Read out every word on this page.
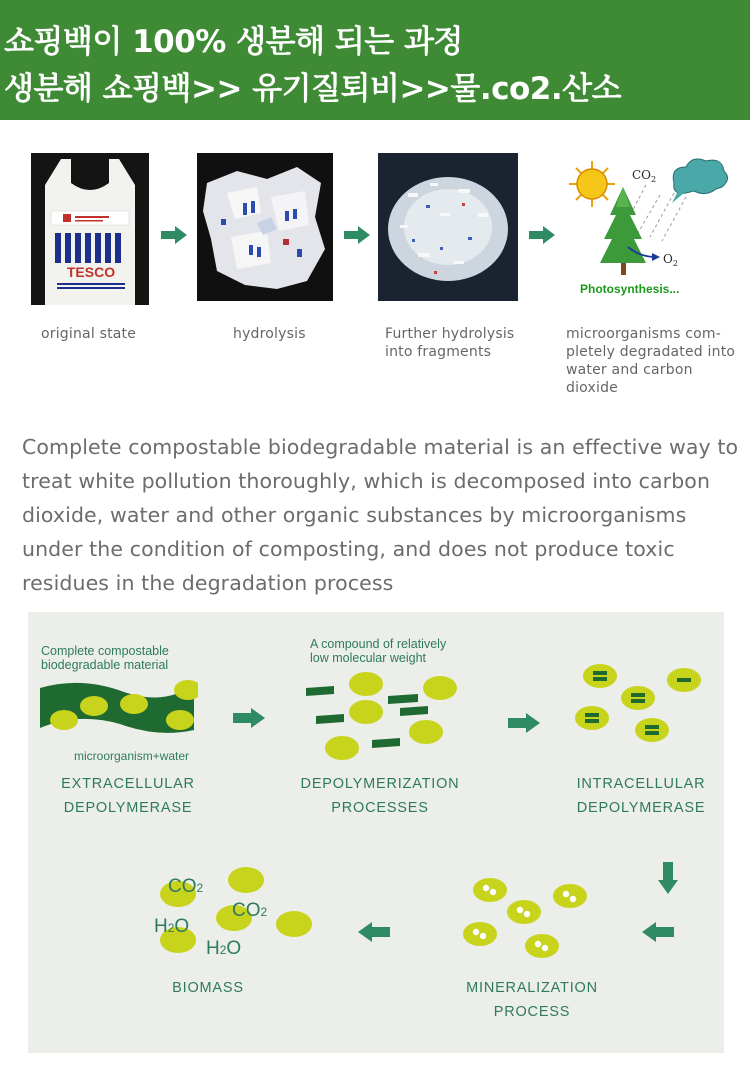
쇼핑백이 100% 생분해 되는 과정
생분해 쇼핑백>> 유기질퇴비>>물.co2.산소
TESCO
$CO_2$
$O_2$
Photosynthesis...
original state	hydrolysis	Further hydrolysis
into fragments
microorganisms com-
pletely degradated into
water and carbon
dioxide
Complete compostable biodegradable material is an effective way to treat white pollution thoroughly, which is decomposed into carbon dioxide, water and other organic substances by microorganisms under the condition of composting, and does not produce toxic residues in the degradation process
Complete compostable
biodegradable material
microorganism+water
EXTRACELLULAR
DEPOLYMERASE
A compound of relatively
low molecular weight
DEPOLYMERIZATION
PROCESSES
INTRACELLULAR
DEPOLYMERASE
MINERALIZATION
PROCESS
CO2
CO2
H2O
H2O
BIOMASS
